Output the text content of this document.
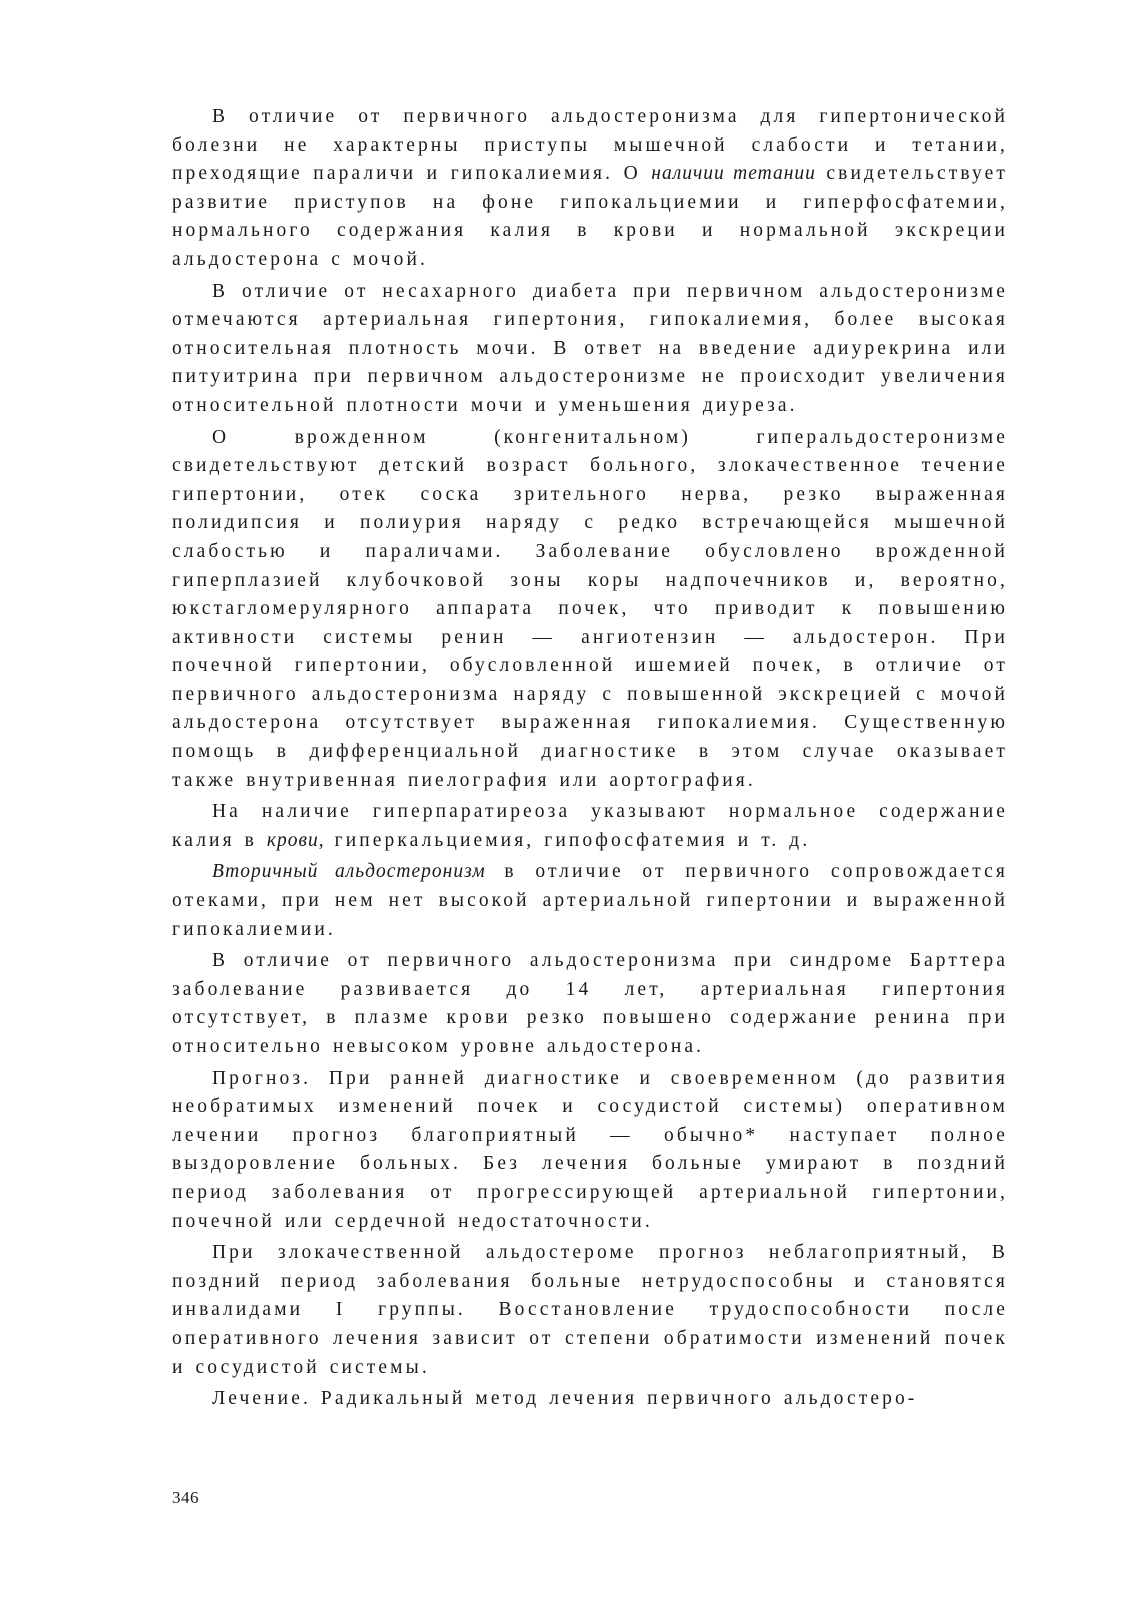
В отличие от первичного альдостеронизма для гипертонической болезни не характерны приступы мышечной слабости и тетании, преходящие параличи и гипокалиемия. О наличии тетании свидетельствует развитие приступов на фоне гипокальциемии и гиперфосфатемии, нормального содержания калия в крови и нормальной экскреции альдостерона с мочой.

В отличие от несахарного диабета при первичном альдостеронизме отмечаются артериальная гипертония, гипокалиемия, более высокая относительная плотность мочи. В ответ на введение адиурекрина или питуитрина при первичном альдостеронизме не происходит увеличения относительной плотности мочи и уменьшения диуреза.

О врожденном (конгенитальном) гиперальдостеронизме свидетельствуют детский возраст больного, злокачественное течение гипертонии, отек соска зрительного нерва, резко выраженная полидипсия и полиурия наряду с редко встречающейся мышечной слабостью и параличами. Заболевание обусловлено врожденной гиперплазией клубочковой зоны коры надпочечников и, вероятно, юкстагломерулярного аппарата почек, что приводит к повышению активности системы ренин — ангиотензин — альдостерон. При почечной гипертонии, обусловленной ишемией почек, в отличие от первичного альдостеронизма наряду с повышенной экскрецией с мочой альдостерона отсутствует выраженная гипокалиемия. Существенную помощь в дифференциальной диагностике в этом случае оказывает также внутривенная пиелография или аортография.

На наличие гиперпаратиреоза указывают нормальное содержание калия в крови, гиперкальциемия, гипофосфатемия и т. д.

Вторичный альдостеронизм в отличие от первичного сопровождается отеками, при нем нет высокой артериальной гипертонии и выраженной гипокалиемии.

В отличие от первичного альдостеронизма при синдроме Барттера заболевание развивается до 14 лет, артериальная гипертония отсутствует, в плазме крови резко повышено содержание ренина при относительно невысоком уровне альдостерона.

Прогноз. При ранней диагностике и своевременном (до развития необратимых изменений почек и сосудистой системы) оперативном лечении прогноз благоприятный — обычно* наступает полное выздоровление больных. Без лечения больные умирают в поздний период заболевания от прогрессирующей артериальной гипертонии, почечной или сердечной недостаточности.

При злокачественной альдостероме прогноз неблагоприятный, В поздний период заболевания больные нетрудоспособны и становятся инвалидами I группы. Восстановление трудоспособности после оперативного лечения зависит от степени обратимости изменений почек и сосудистой системы.

Лечение. Радикальный метод лечения первичного альдостеро-

346
